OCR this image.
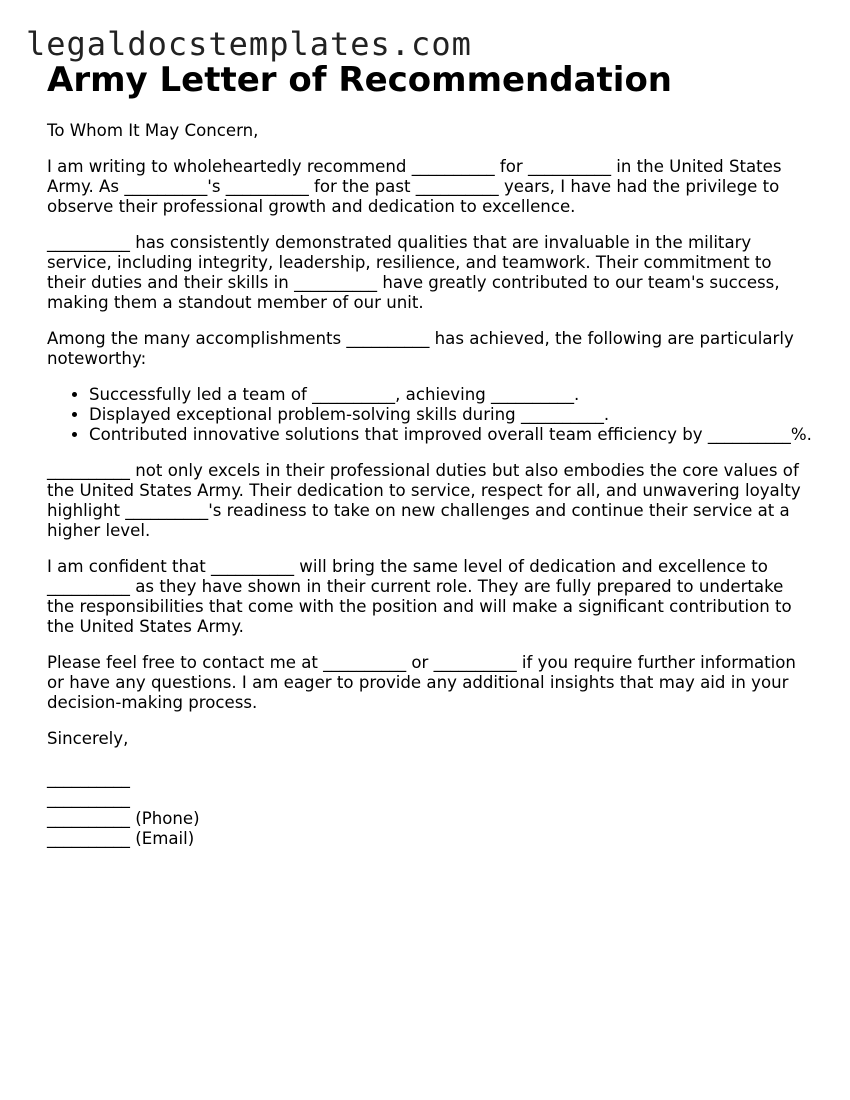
legaldocstemplates.com
Army Letter of Recommendation

To Whom It May Concern,

I am writing to wholeheartedly recommend __________ for __________ in the United States Army. As __________'s __________ for the past __________ years, I have had the privilege to observe their professional growth and dedication to excellence.

__________ has consistently demonstrated qualities that are invaluable in the military service, including integrity, leadership, resilience, and teamwork. Their commitment to their duties and their skills in __________ have greatly contributed to our team's success, making them a standout member of our unit.

Among the many accomplishments __________ has achieved, the following are particularly noteworthy:

• Successfully led a team of __________, achieving __________.
• Displayed exceptional problem-solving skills during __________.
• Contributed innovative solutions that improved overall team efficiency by __________%.

__________ not only excels in their professional duties but also embodies the core values of the United States Army. Their dedication to service, respect for all, and unwavering loyalty highlight __________'s readiness to take on new challenges and continue their service at a higher level.

I am confident that __________ will bring the same level of dedication and excellence to __________ as they have shown in their current role. They are fully prepared to undertake the responsibilities that come with the position and will make a significant contribution to the United States Army.

Please feel free to contact me at __________ or __________ if you require further information or have any questions. I am eager to provide any additional insights that may aid in your decision-making process.

Sincerely,

__________
__________
__________ (Phone)
__________ (Email)
